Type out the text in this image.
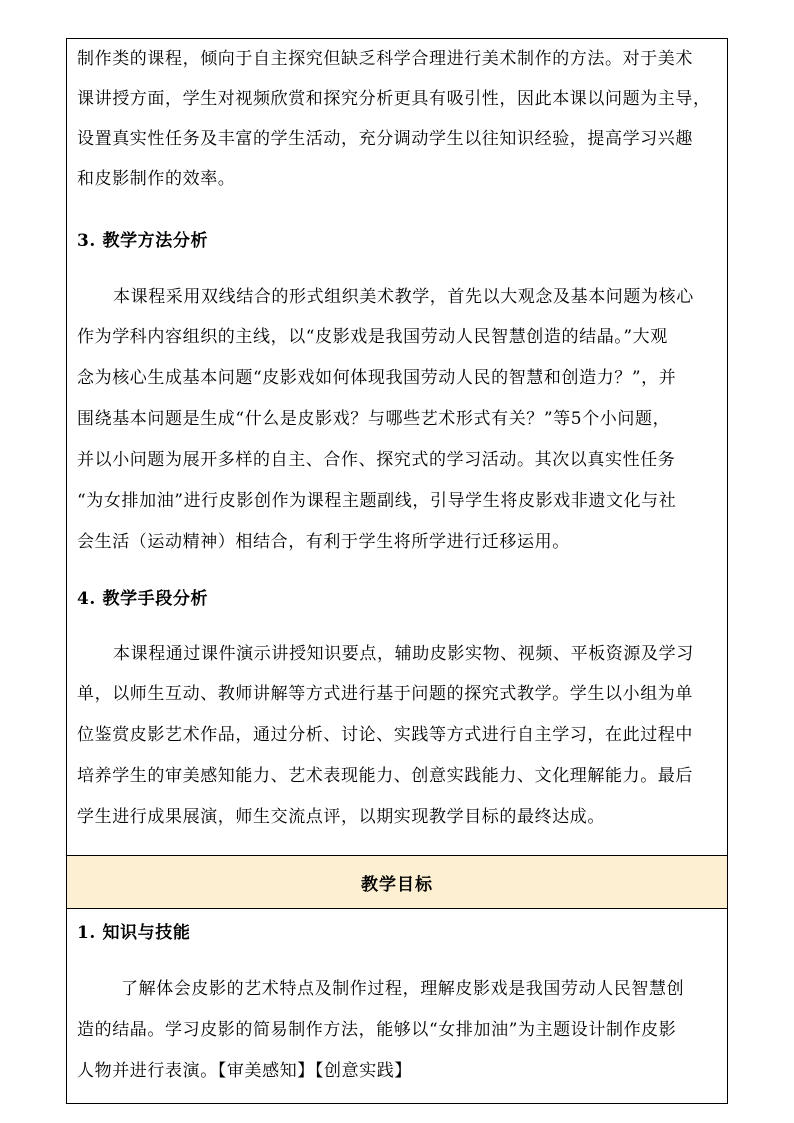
制作类的课程，倾向于自主探究但缺乏科学合理进行美术制作的方法。对于美术
课讲授方面，学生对视频欣赏和探究分析更具有吸引性，因此本课以问题为主导，
设置真实性任务及丰富的学生活动，充分调动学生以往知识经验，提高学习兴趣
和皮影制作的效率。
3. 教学方法分析
本课程采用双线结合的形式组织美术教学，首先以大观念及基本问题为核心
作为学科内容组织的主线，以“皮影戏是我国劳动人民智慧创造的结晶。”大观
念为核心生成基本问题“皮影戏如何体现我国劳动人民的智慧和创造力？”，并
围绕基本问题是生成“什么是皮影戏？与哪些艺术形式有关？”等5个小问题，
并以小问题为展开多样的自主、合作、探究式的学习活动。其次以真实性任务
“为女排加油”进行皮影创作为课程主题副线，引导学生将皮影戏非遗文化与社
会生活（运动精神）相结合，有利于学生将所学进行迁移运用。
4. 教学手段分析
本课程通过课件演示讲授知识要点，辅助皮影实物、视频、平板资源及学习
单，以师生互动、教师讲解等方式进行基于问题的探究式教学。学生以小组为单
位鉴赏皮影艺术作品，通过分析、讨论、实践等方式进行自主学习，在此过程中
培养学生的审美感知能力、艺术表现能力、创意实践能力、文化理解能力。最后
学生进行成果展演，师生交流点评，以期实现教学目标的最终达成。
教学目标
1. 知识与技能
了解体会皮影的艺术特点及制作过程，理解皮影戏是我国劳动人民智慧创
造的结晶。学习皮影的简易制作方法，能够以“女排加油”为主题设计制作皮影
人物并进行表演。【审美感知】【创意实践】
